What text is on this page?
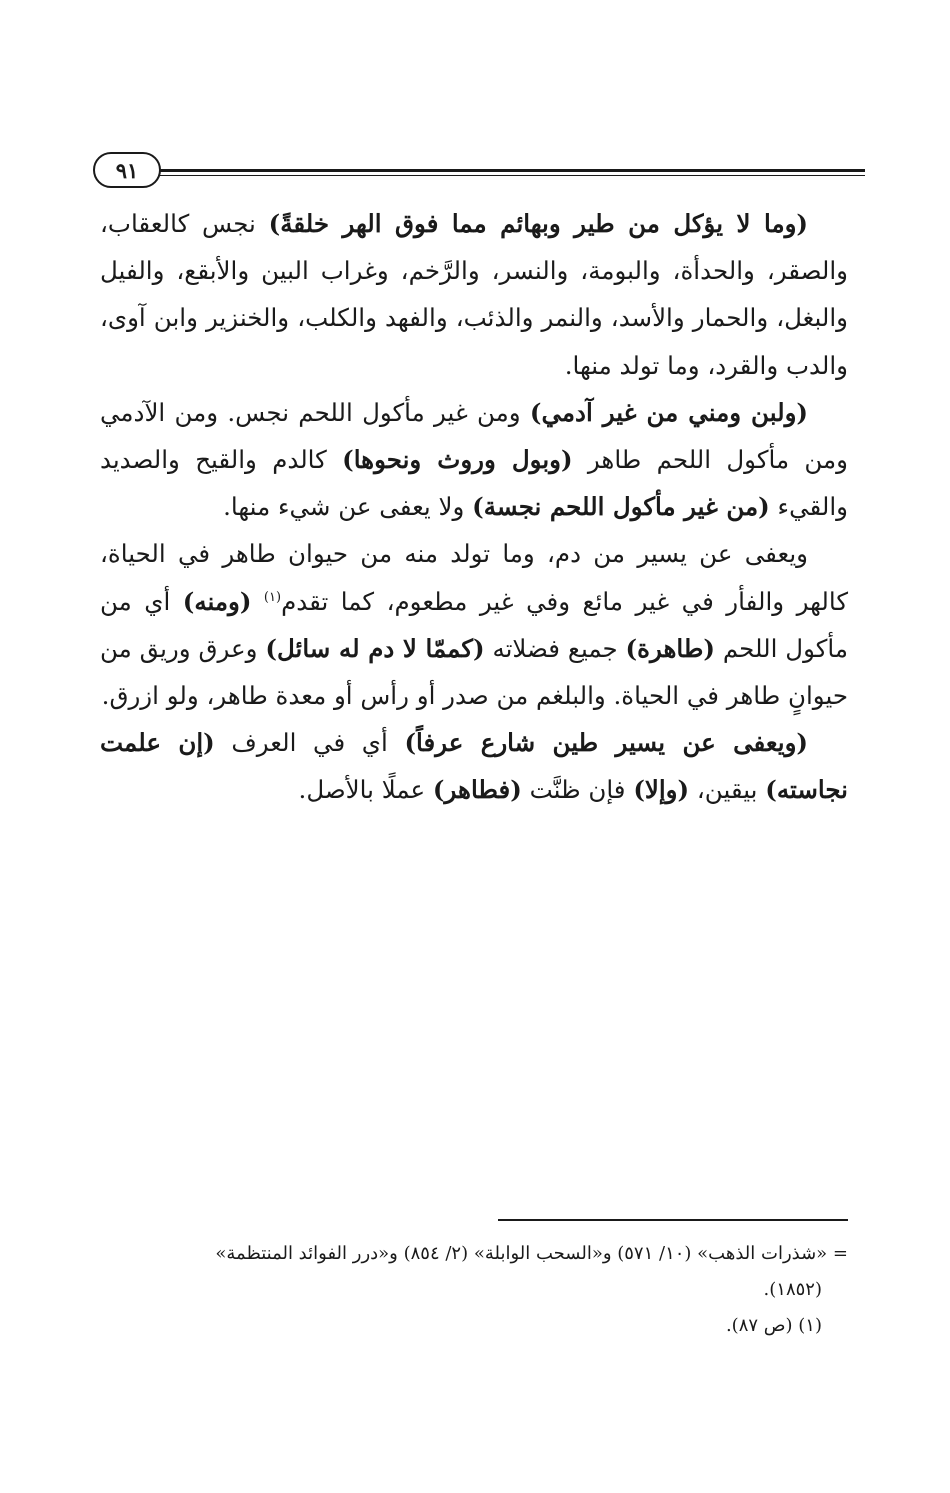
٩١

(وما لا يؤكل من طير وبهائم مما فوق الهر خلقةً) نجس كالعقاب، والصقر، والحدأة، والبومة، والنسر، والرَّخم، وغراب البين والأبقع، والفيل والبغل، والحمار والأسد، والنمر والذئب، والفهد والكلب، والخنزير وابن آوى، والدب والقرد، وما تولد منها.

(ولبن ومني من غير آدمي) ومن غير مأكول اللحم نجس. ومن الآدمي ومن مأكول اللحم طاهر (وبول وروث ونحوها) كالدم والقيح والصديد والقيء (من غير مأكول اللحم نجسة) ولا يعفى عن شيء منها.

ويعفى عن يسير من دم، وما تولد منه من حيوان طاهر في الحياة، كالهر والفأر في غير مائع وفي غير مطعوم، كما تقدم$^{(١)}$ (ومنه) أي من مأكول اللحم (طاهرة) جميع فضلاته (كممّا لا دم له سائل) وعرق وريق من حيوانٍ طاهر في الحياة. والبلغم من صدر أو رأس أو معدة طاهر، ولو ازرق.

(ويعفى عن يسير طين شارع عرفاً) أي في العرف (إن علمت نجاسته) بيقين، (وإلا) فإن ظنَّت (فطاهر) عملًا بالأصل.

= «شذرات الذهب» (١٠/ ٥٧١) و«السحب الوابلة» (٢/ ٨٥٤) و«درر الفوائد المنتظمة»

(١٨٥٢).

(١) (ص ٨٧).
